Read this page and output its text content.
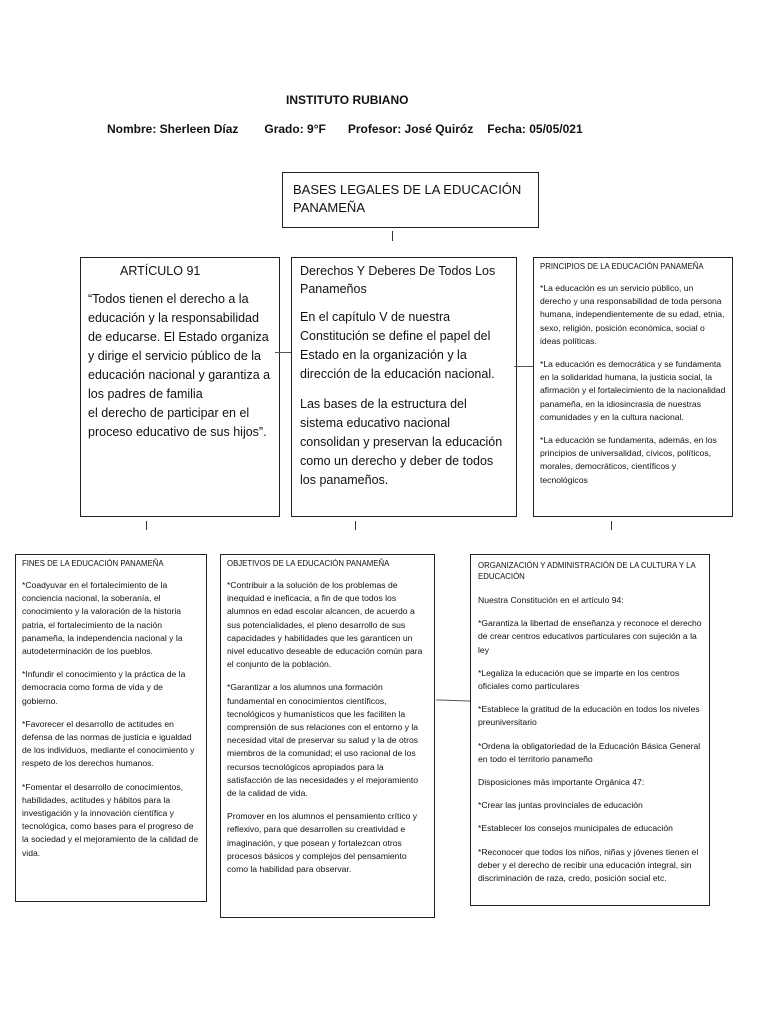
INSTITUTO RUBIANO
Nombre: Sherleen Díaz Grado: 9°F Profesor: José Quiróz Fecha: 05/05/021
BASES LEGALES DE LA EDUCACIÓN
PANAMEÑA
ARTÍCULO 91

“Todos tienen el derecho a la

educación y la responsabilidad

de educarse. El Estado organiza

y dirige el servicio público de la

educación nacional y garantiza a

los padres de familia

el derecho de participar en el

proceso educativo de sus hijos”.

Derechos Y Deberes De Todos Los
Panameños

En el capítulo V de nuestra Constitución se define el papel del Estado en la organización y la dirección de la educación nacional.

Las bases de la estructura del sistema educativo nacional consolidan y preservan la educación como un derecho y deber de todos los panameños.

PRINCIPIOS DE LA EDUCACIÓN PANAMEÑA

*La educación es un servicio público, un derecho y una responsabilidad de toda persona humana, independientemente de su edad, etnia, sexo, religión, posición económica, social o ideas políticas.

*La educación es democrática y se fundamenta en la solidaridad humana, la justicia social, la afirmación y el fortalecimiento de la nacionalidad panameña, en la idiosincrasia de nuestras comunidades y en la cultura nacional.

*La educación se fundamenta, además, en los principios de universalidad, cívicos, políticos, morales, democráticos, científicos y tecnológicos

FINES DE LA EDUCACIÓN PANAMEÑA

*Coadyuvar en el fortalecimiento de la conciencia nacional, la soberanía, el conocimiento y la valoración de la historia patria, el fortalecimiento de la nación panameña, la independencia nacional y la autodeterminación de los pueblos.

*Infundir el conocimiento y la práctica de la democracia como forma de vida y de gobierno.

*Favorecer el desarrollo de actitudes en defensa de las normas de justicia e igualdad de los individuos, mediante el conocimiento y respeto de los derechos humanos.

*Fomentar el desarrollo de conocimientos, habilidades, actitudes y hábitos para la investigación y la innovación científica y tecnológica, como bases para el progreso de la sociedad y el mejoramiento de la calidad de vida.

OBJETIVOS DE LA EDUCACIÓN PANAMEÑA

*Contribuir a la solución de los problemas de inequidad e ineficacia, a fin de que todos los alumnos en edad escolar alcancen, de acuerdo a sus potencialidades, el pleno desarrollo de sus capacidades y habilidades que les garanticen un nivel educativo deseable de educación común para el conjunto de la población.

*Garantizar a los alumnos una formación fundamental en conocimientos científicos, tecnológicos y humanísticos que les faciliten la comprensión de sus relaciones con el entorno y la necesidad vital de preservar su salud y la de otros miembros de la comunidad; el uso racional de los recursos tecnológicos apropiados para la satisfacción de las necesidades y el mejoramiento de la calidad de vida.

Promover en los alumnos el pensamiento crítico y reflexivo, para que desarrollen su creatividad e imaginación, y que posean y fortalezcan otros procesos básicos y complejos del pensamiento como la habilidad para observar.

ORGANIZACIÓN Y ADMINISTRACIÓN DE LA CULTURA Y LA EDUCACIÓN

Nuestra Constitución en el artículo 94:

*Garantiza la libertad de enseñanza y reconoce el derecho de crear centros educativos particulares con sujeción a la ley

*Legaliza la educación que se imparte en los centros oficiales como particulares

*Establece la gratitud de la educación en todos los niveles preuniversitario

*Ordena la obligatoriedad de la Educación Básica General en todo el territorio panameño

Disposiciones más importante Orgánica 47:

*Crear las juntas provinciales de educación

*Establecer los consejos municipales de educación

*Reconocer que todos los niños, niñas y jóvenes tienen el deber y el derecho de recibir una educación integral, sin discriminación de raza, credo, posición social etc.
